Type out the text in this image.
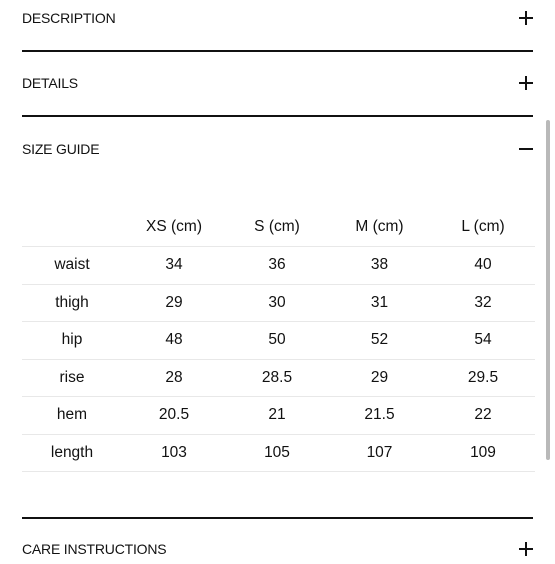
DESCRIPTION
DETAILS
SIZE GUIDE
	XS (cm)	S (cm)	M (cm)	L (cm)
waist	34	36	38	40
thigh	29	30	31	32
hip	48	50	52	54
rise	28	28.5	29	29.5
hem	20.5	21	21.5	22
length	103	105	107	109
CARE INSTRUCTIONS
